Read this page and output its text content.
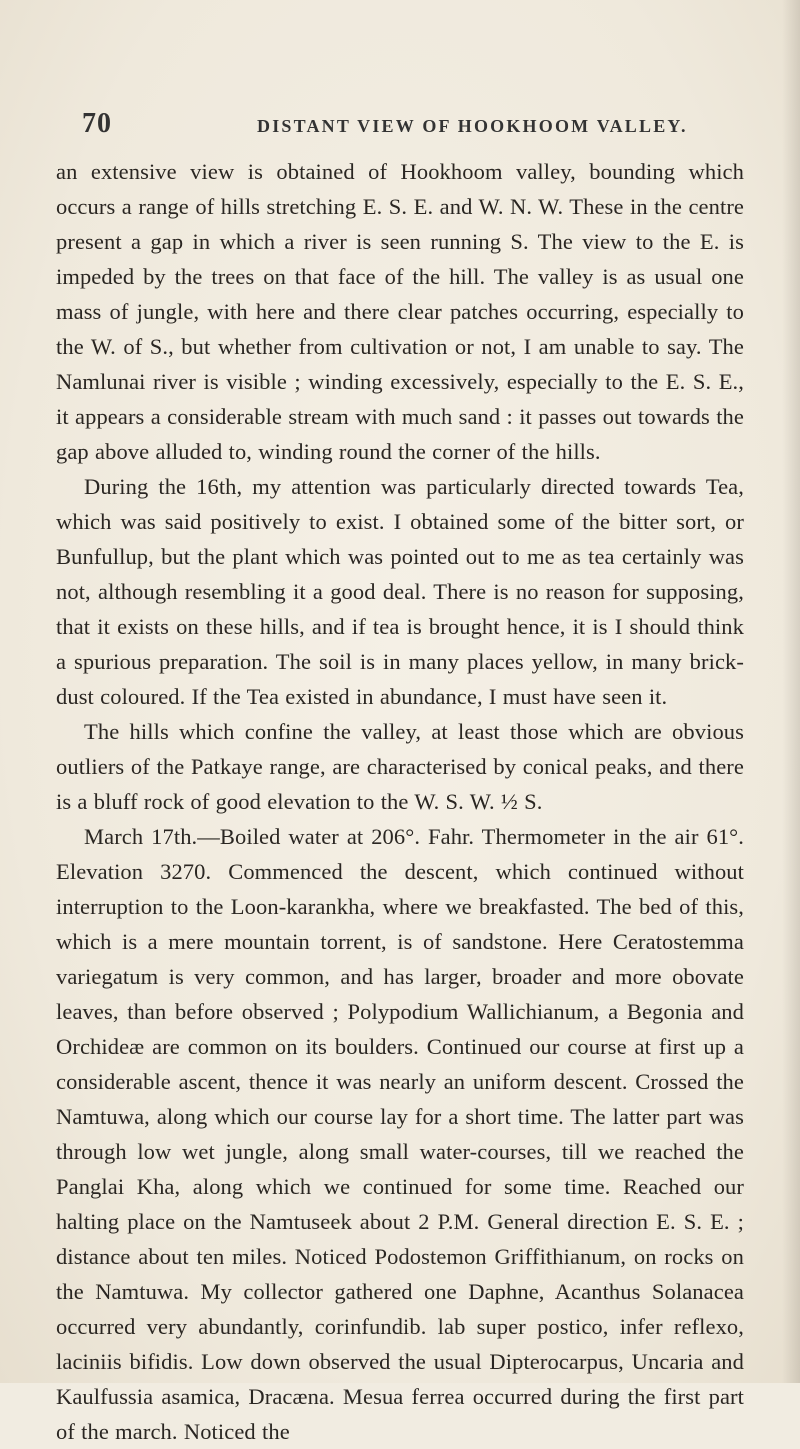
70	DISTANT VIEW OF HOOKHOOM VALLEY.

an extensive view is obtained of Hookhoom valley, bounding which occurs a range of hills stretching E. S. E. and W. N. W. These in the centre present a gap in which a river is seen running S. The view to the E. is impeded by the trees on that face of the hill. The valley is as usual one mass of jungle, with here and there clear patches occurring, especially to the W. of S., but whether from cultivation or not, I am unable to say. The Namlunai river is visible ; winding excessively, especially to the E. S. E., it appears a considerable stream with much sand : it passes out towards the gap above alluded to, winding round the corner of the hills.

During the 16th, my attention was particularly directed towards Tea, which was said positively to exist. I obtained some of the bitter sort, or Bunfullup, but the plant which was pointed out to me as tea certainly was not, although resembling it a good deal. There is no reason for supposing, that it exists on these hills, and if tea is brought hence, it is I should think a spurious preparation. The soil is in many places yellow, in many brick-dust coloured. If the Tea existed in abundance, I must have seen it.

The hills which confine the valley, at least those which are obvious outliers of the Patkaye range, are characterised by conical peaks, and there is a bluff rock of good elevation to the W. S. W. ½ S.

March 17th.—Boiled water at 206°. Fahr. Thermometer in the air 61°. Elevation 3270. Commenced the descent, which continued without interruption to the Loon-karankha, where we breakfasted. The bed of this, which is a mere mountain torrent, is of sandstone. Here Ceratostemma variegatum is very common, and has larger, broader and more obovate leaves, than before observed ; Polypodium Wallichianum, a Begonia and Orchideæ are common on its boulders. Continued our course at first up a considerable ascent, thence it was nearly an uniform descent. Crossed the Namtuwa, along which our course lay for a short time. The latter part was through low wet jungle, along small water-courses, till we reached the Panglai Kha, along which we continued for some time. Reached our halting place on the Namtuseek about 2 P.M. General direction E. S. E. ; distance about ten miles. Noticed Podostemon Griffithianum, on rocks on the Namtuwa. My collector gathered one Daphne, Acanthus Solanacea occurred very abundantly, corinfundib. lab super postico, infer reflexo, laciniis bifidis. Low down observed the usual Dipterocarpus, Uncaria and Kaulfussia asamica, Dracæna. Mesua ferrea occurred during the first part of the march. Noticed the
